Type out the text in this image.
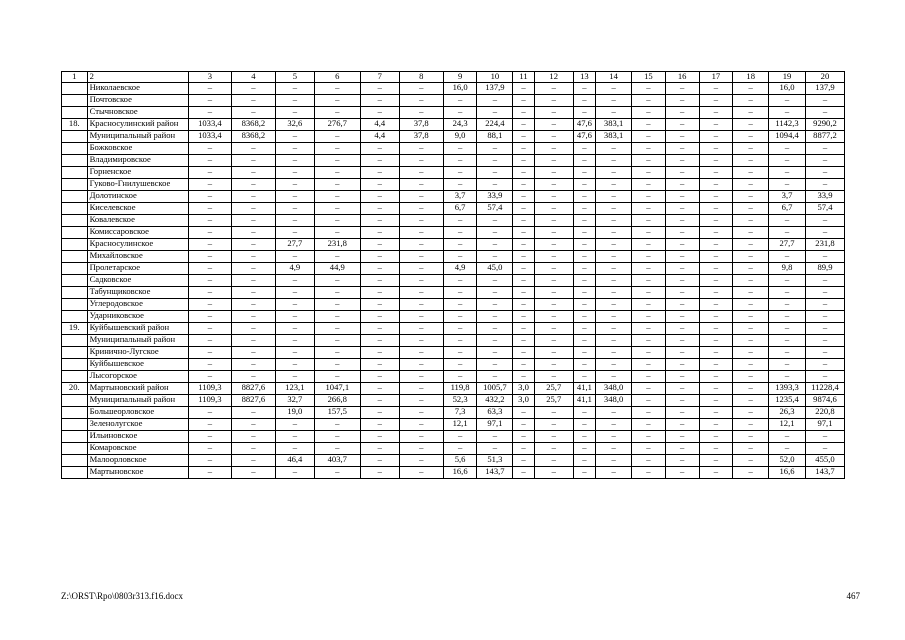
1	2	3	4	5	6	7	8	9	10	11	12	13	14	15	16	17	18	19	20
	Николаевское	–	–	–	–	–	–	16,0	137,9	–	–	–	–	–	–	–	–	16,0	137,9
	Почтовское	–	–	–	–	–	–	–	–	–	–	–	–	–	–	–	–	–	–
	Стычновское	–	–	–	–	–	–	–	–	–	–	–	–	–	–	–	–	–	–
18.	Красносулинский район	1033,4	8368,2	32,6	276,7	4,4	37,8	24,3	224,4	–	–	47,6	383,1	–	–	–	–	1142,3	9290,2
	Муниципальный район	1033,4	8368,2	–	–	4,4	37,8	9,0	88,1	–	–	47,6	383,1	–	–	–	–	1094,4	8877,2
	Божковское	–	–	–	–	–	–	–	–	–	–	–	–	–	–	–	–	–	–
	Владимировское	–	–	–	–	–	–	–	–	–	–	–	–	–	–	–	–	–	–
	Горненское	–	–	–	–	–	–	–	–	–	–	–	–	–	–	–	–	–	–
	Гуково-Гнилушевское	–	–	–	–	–	–	–	–	–	–	–	–	–	–	–	–	–	–
	Долотинское	–	–	–	–	–	–	3,7	33,9	–	–	–	–	–	–	–	–	3,7	33,9
	Киселевское	–	–	–	–	–	–	6,7	57,4	–	–	–	–	–	–	–	–	6,7	57,4
	Ковалевское	–	–	–	–	–	–	–	–	–	–	–	–	–	–	–	–	–	–
	Комиссаровское	–	–	–	–	–	–	–	–	–	–	–	–	–	–	–	–	–	–
	Красносулинское	–	–	27,7	231,8	–	–	–	–	–	–	–	–	–	–	–	–	27,7	231,8
	Михайловское	–	–	–	–	–	–	–	–	–	–	–	–	–	–	–	–	–	–
	Пролетарское	–	–	4,9	44,9	–	–	4,9	45,0	–	–	–	–	–	–	–	–	9,8	89,9
	Садковское	–	–	–	–	–	–	–	–	–	–	–	–	–	–	–	–	–	–
	Табунщиковское	–	–	–	–	–	–	–	–	–	–	–	–	–	–	–	–	–	–
	Углеродовское	–	–	–	–	–	–	–	–	–	–	–	–	–	–	–	–	–	–
	Ударниковское	–	–	–	–	–	–	–	–	–	–	–	–	–	–	–	–	–	–
19.	Куйбышевский район	–	–	–	–	–	–	–	–	–	–	–	–	–	–	–	–	–	–
	Муниципальный район	–	–	–	–	–	–	–	–	–	–	–	–	–	–	–	–	–	–
	Кринично-Лугское	–	–	–	–	–	–	–	–	–	–	–	–	–	–	–	–	–	–
	Куйбышевское	–	–	–	–	–	–	–	–	–	–	–	–	–	–	–	–	–	–
	Лысогорское	–	–	–	–	–	–	–	–	–	–	–	–	–	–	–	–	–	–
20.	Мартыновский район	1109,3	8827,6	123,1	1047,1	–	–	119,8	1005,7	3,0	25,7	41,1	348,0	–	–	–	–	1393,3	11228,4
	Муниципальный район	1109,3	8827,6	32,7	266,8	–	–	52,3	432,2	3,0	25,7	41,1	348,0	–	–	–	–	1235,4	9874,6
	Большеорловское	–	–	19,0	157,5	–	–	7,3	63,3	–	–	–	–	–	–	–	–	26,3	220,8
	Зеленолугское	–	–	–	–	–	–	12,1	97,1	–	–	–	–	–	–	–	–	12,1	97,1
	Ильиновское	–	–	–	–	–	–	–	–	–	–	–	–	–	–	–	–	–	–
	Комаровское	–	–	–	–	–	–	–	–	–	–	–	–	–	–	–	–	–	–
	Малоорловское	–	–	46,4	403,7	–	–	5,6	51,3	–	–	–	–	–	–	–	–	52,0	455,0
	Мартыновское	–	–	–	–	–	–	16,6	143,7	–	–	–	–	–	–	–	–	16,6	143,7
Z:\ORST\Rpo\0803r313.f16.docx	467
